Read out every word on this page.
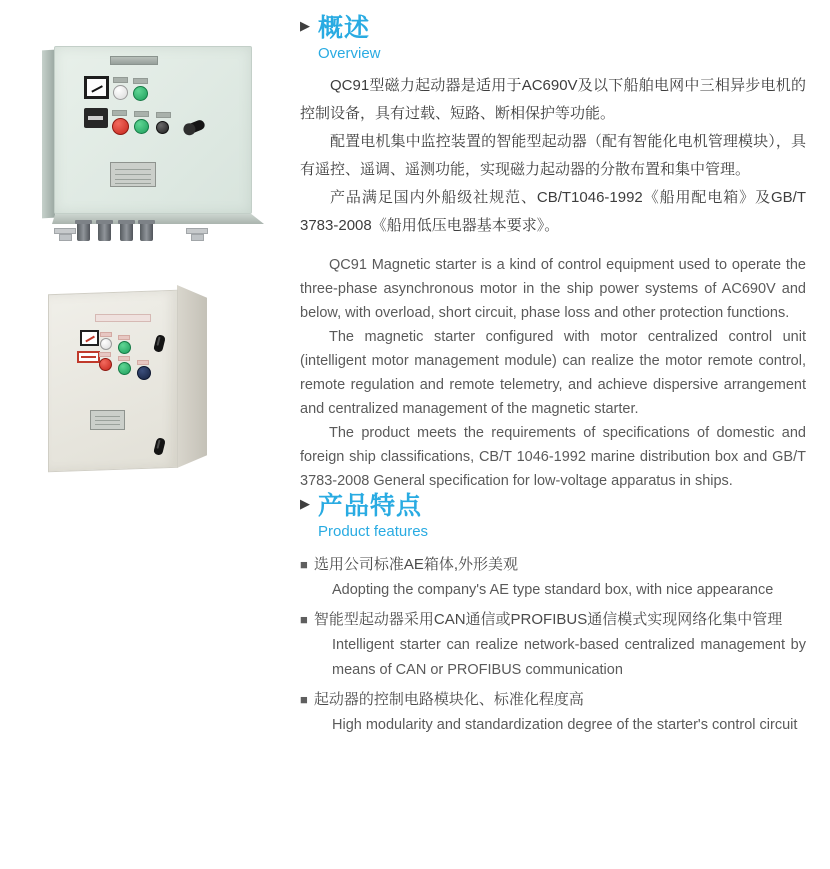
▶ 概述
Overview

QC91型磁力起动器是适用于AC690V及以下船舶电网中三相异步电机的控制设备，具有过载、短路、断相保护等功能。

配置电机集中监控装置的智能型起动器（配有智能化电机管理模块），具有遥控、遥调、遥测功能，实现磁力起动器的分散布置和集中管理。

产品满足国内外船级社规范、CB/T1046-1992《船用配电箱》及GB/T 3783-2008《船用低压电器基本要求》。

QC91 Magnetic starter is a kind of control equipment used to operate the three-phase asynchronous motor in the ship power systems of AC690V and below, with overload, short circuit, phase loss and other protection functions.

The magnetic starter configured with motor centralized control unit (intelligent motor management module) can realize the motor remote control, remote regulation and remote telemetry, and achieve dispersive arrangement and centralized management of the magnetic starter.

The product meets the requirements of specifications of domestic and foreign ship classifications, CB/T 1046-1992 marine distribution box and GB/T 3783-2008 General specification for low-voltage apparatus in ships.

▶ 产品特点
Product features

■ 选用公司标准AE箱体,外形美观

Adopting the company's AE type standard box, with nice appearance

■ 智能型起动器采用CAN通信或PROFIBUS通信模式实现网络化集中管理

Intelligent starter can realize network-based centralized management by means of CAN or PROFIBUS communication

■ 起动器的控制电路模块化、标准化程度高

High modularity and standardization degree of the starter's control circuit
